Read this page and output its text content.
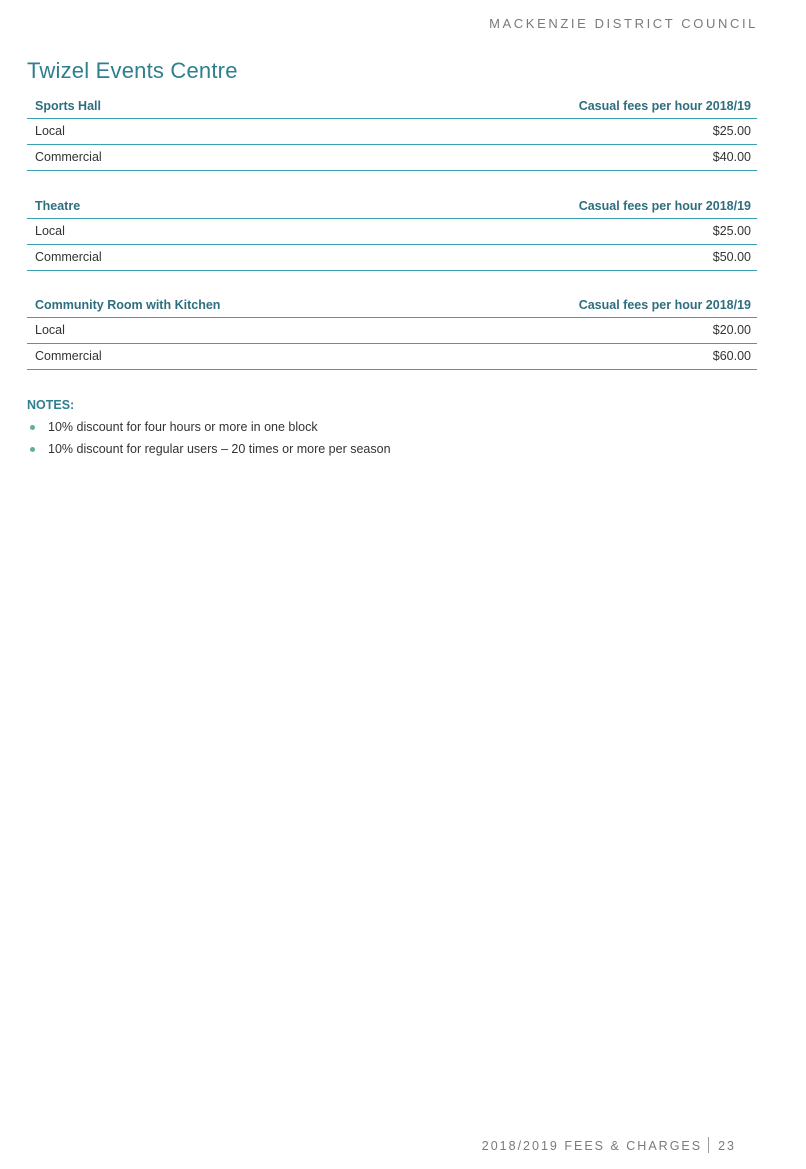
MACKENZIE DISTRICT COUNCIL
Twizel Events Centre
Sports Hall	Casual fees per hour 2018/19
Local	$25.00
Commercial	$40.00
Theatre	Casual fees per hour 2018/19
Local	$25.00
Commercial	$50.00
Community Room with Kitchen	Casual fees per hour 2018/19
Local	$20.00
Commercial	$60.00
NOTES:
10% discount for four hours or more in one block
10% discount for regular users – 20 times or more per season
2018/2019 FEES & CHARGES 23
